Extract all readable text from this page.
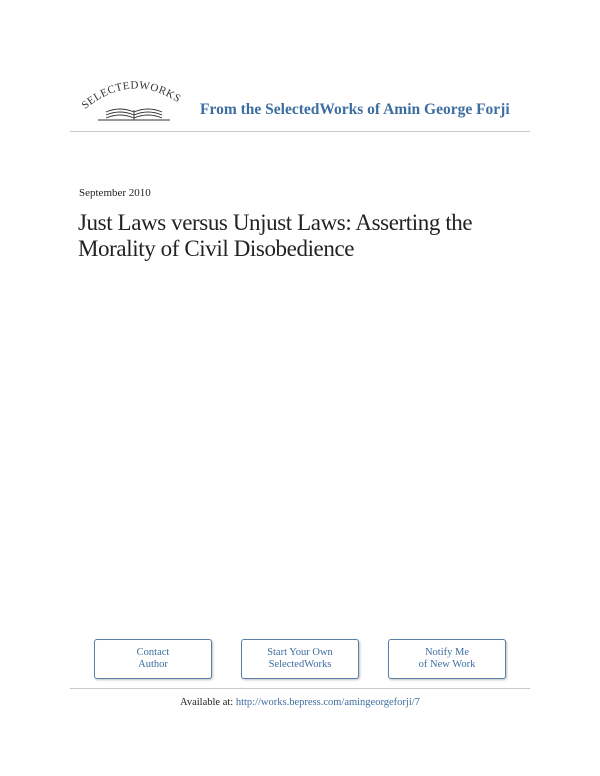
SELECTEDWORKS
From the SelectedWorks of Amin George Forji
September 2010
Just Laws versus Unjust Laws: Asserting the
Morality of Civil Disobedience
Contact
Author
Start Your Own
SelectedWorks
Notify Me
of New Work
Available at: http://works.bepress.com/amingeorgeforji/7
